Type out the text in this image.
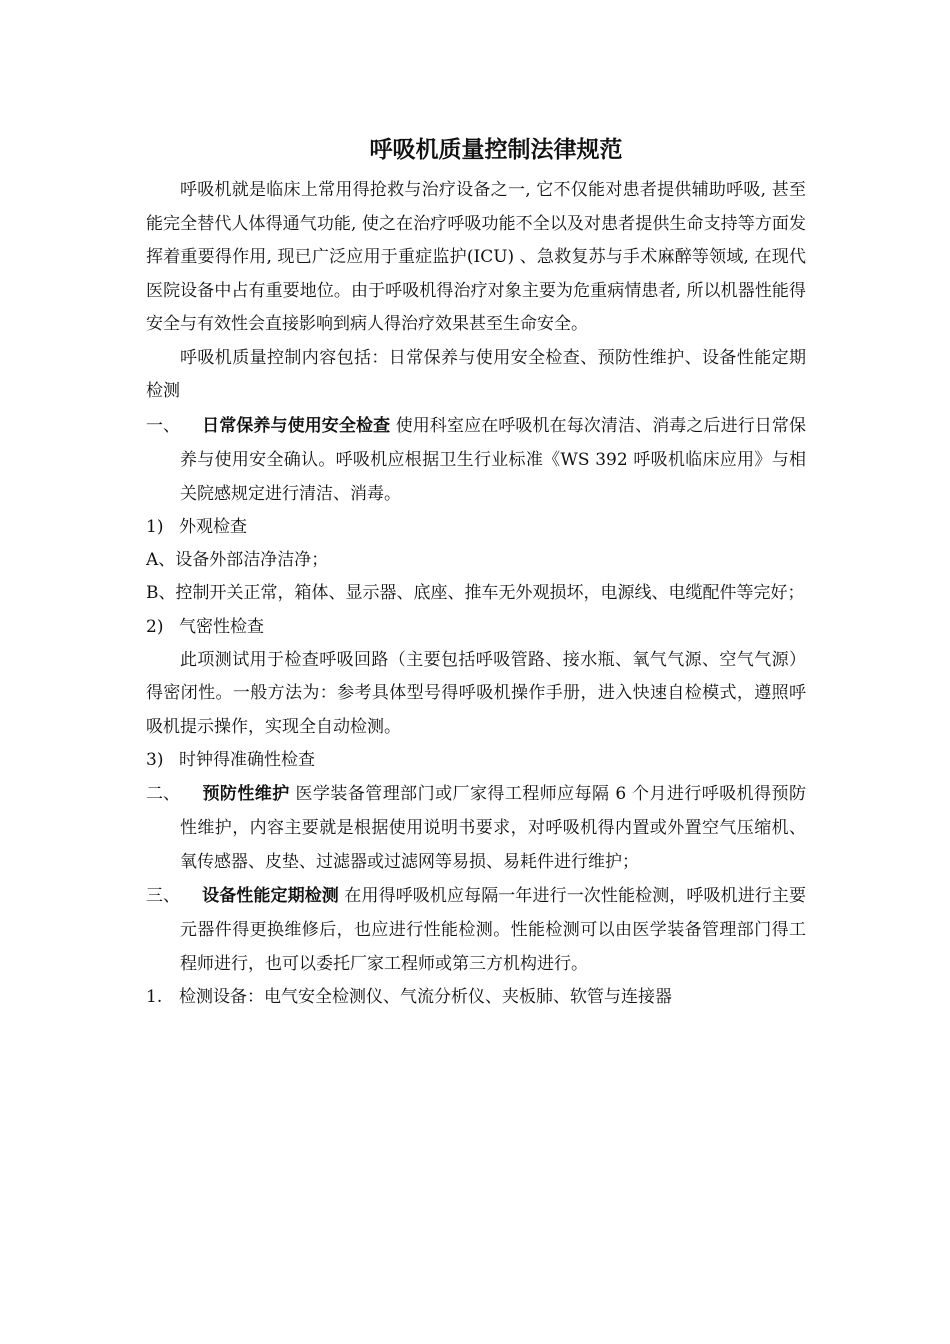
呼吸机质量控制法律规范

呼吸机就是临床上常用得抢救与治疗设备之一, 它不仅能对患者提供辅助呼吸, 甚至能完全替代人体得通气功能, 使之在治疗呼吸功能不全以及对患者提供生命支持等方面发挥着重要得作用, 现已广泛应用于重症监护(ICU) 、急救复苏与手术麻醉等领域, 在现代医院设备中占有重要地位。由于呼吸机得治疗对象主要为危重病情患者, 所以机器性能得安全与有效性会直接影响到病人得治疗效果甚至生命安全。

呼吸机质量控制内容包括：日常保养与使用安全检查、预防性维护、设备性能定期检测

一、 日常保养与使用安全检查 使用科室应在呼吸机在每次清洁、消毒之后进行日常保养与使用安全确认。呼吸机应根据卫生行业标准《WS 392 呼吸机临床应用》与相关院感规定进行清洁、消毒。

1) 外观检查

A、设备外部洁净洁净；

B、控制开关正常，箱体、显示器、底座、推车无外观损坏，电源线、电缆配件等完好；

2) 气密性检查

此项测试用于检查呼吸回路（主要包括呼吸管路、接水瓶、氧气气源、空气气源）得密闭性。一般方法为：参考具体型号得呼吸机操作手册，进入快速自检模式，遵照呼吸机提示操作，实现全自动检测。

3) 时钟得准确性检查

二、 预防性维护 医学装备管理部门或厂家得工程师应每隔 6 个月进行呼吸机得预防性维护，内容主要就是根据使用说明书要求，对呼吸机得内置或外置空气压缩机、氧传感器、皮垫、过滤器或过滤网等易损、易耗件进行维护；

三、 设备性能定期检测 在用得呼吸机应每隔一年进行一次性能检测，呼吸机进行主要元器件得更换维修后，也应进行性能检测。性能检测可以由医学装备管理部门得工程师进行，也可以委托厂家工程师或第三方机构进行。

1. 检测设备：电气安全检测仪、气流分析仪、夹板肺、软管与连接器
